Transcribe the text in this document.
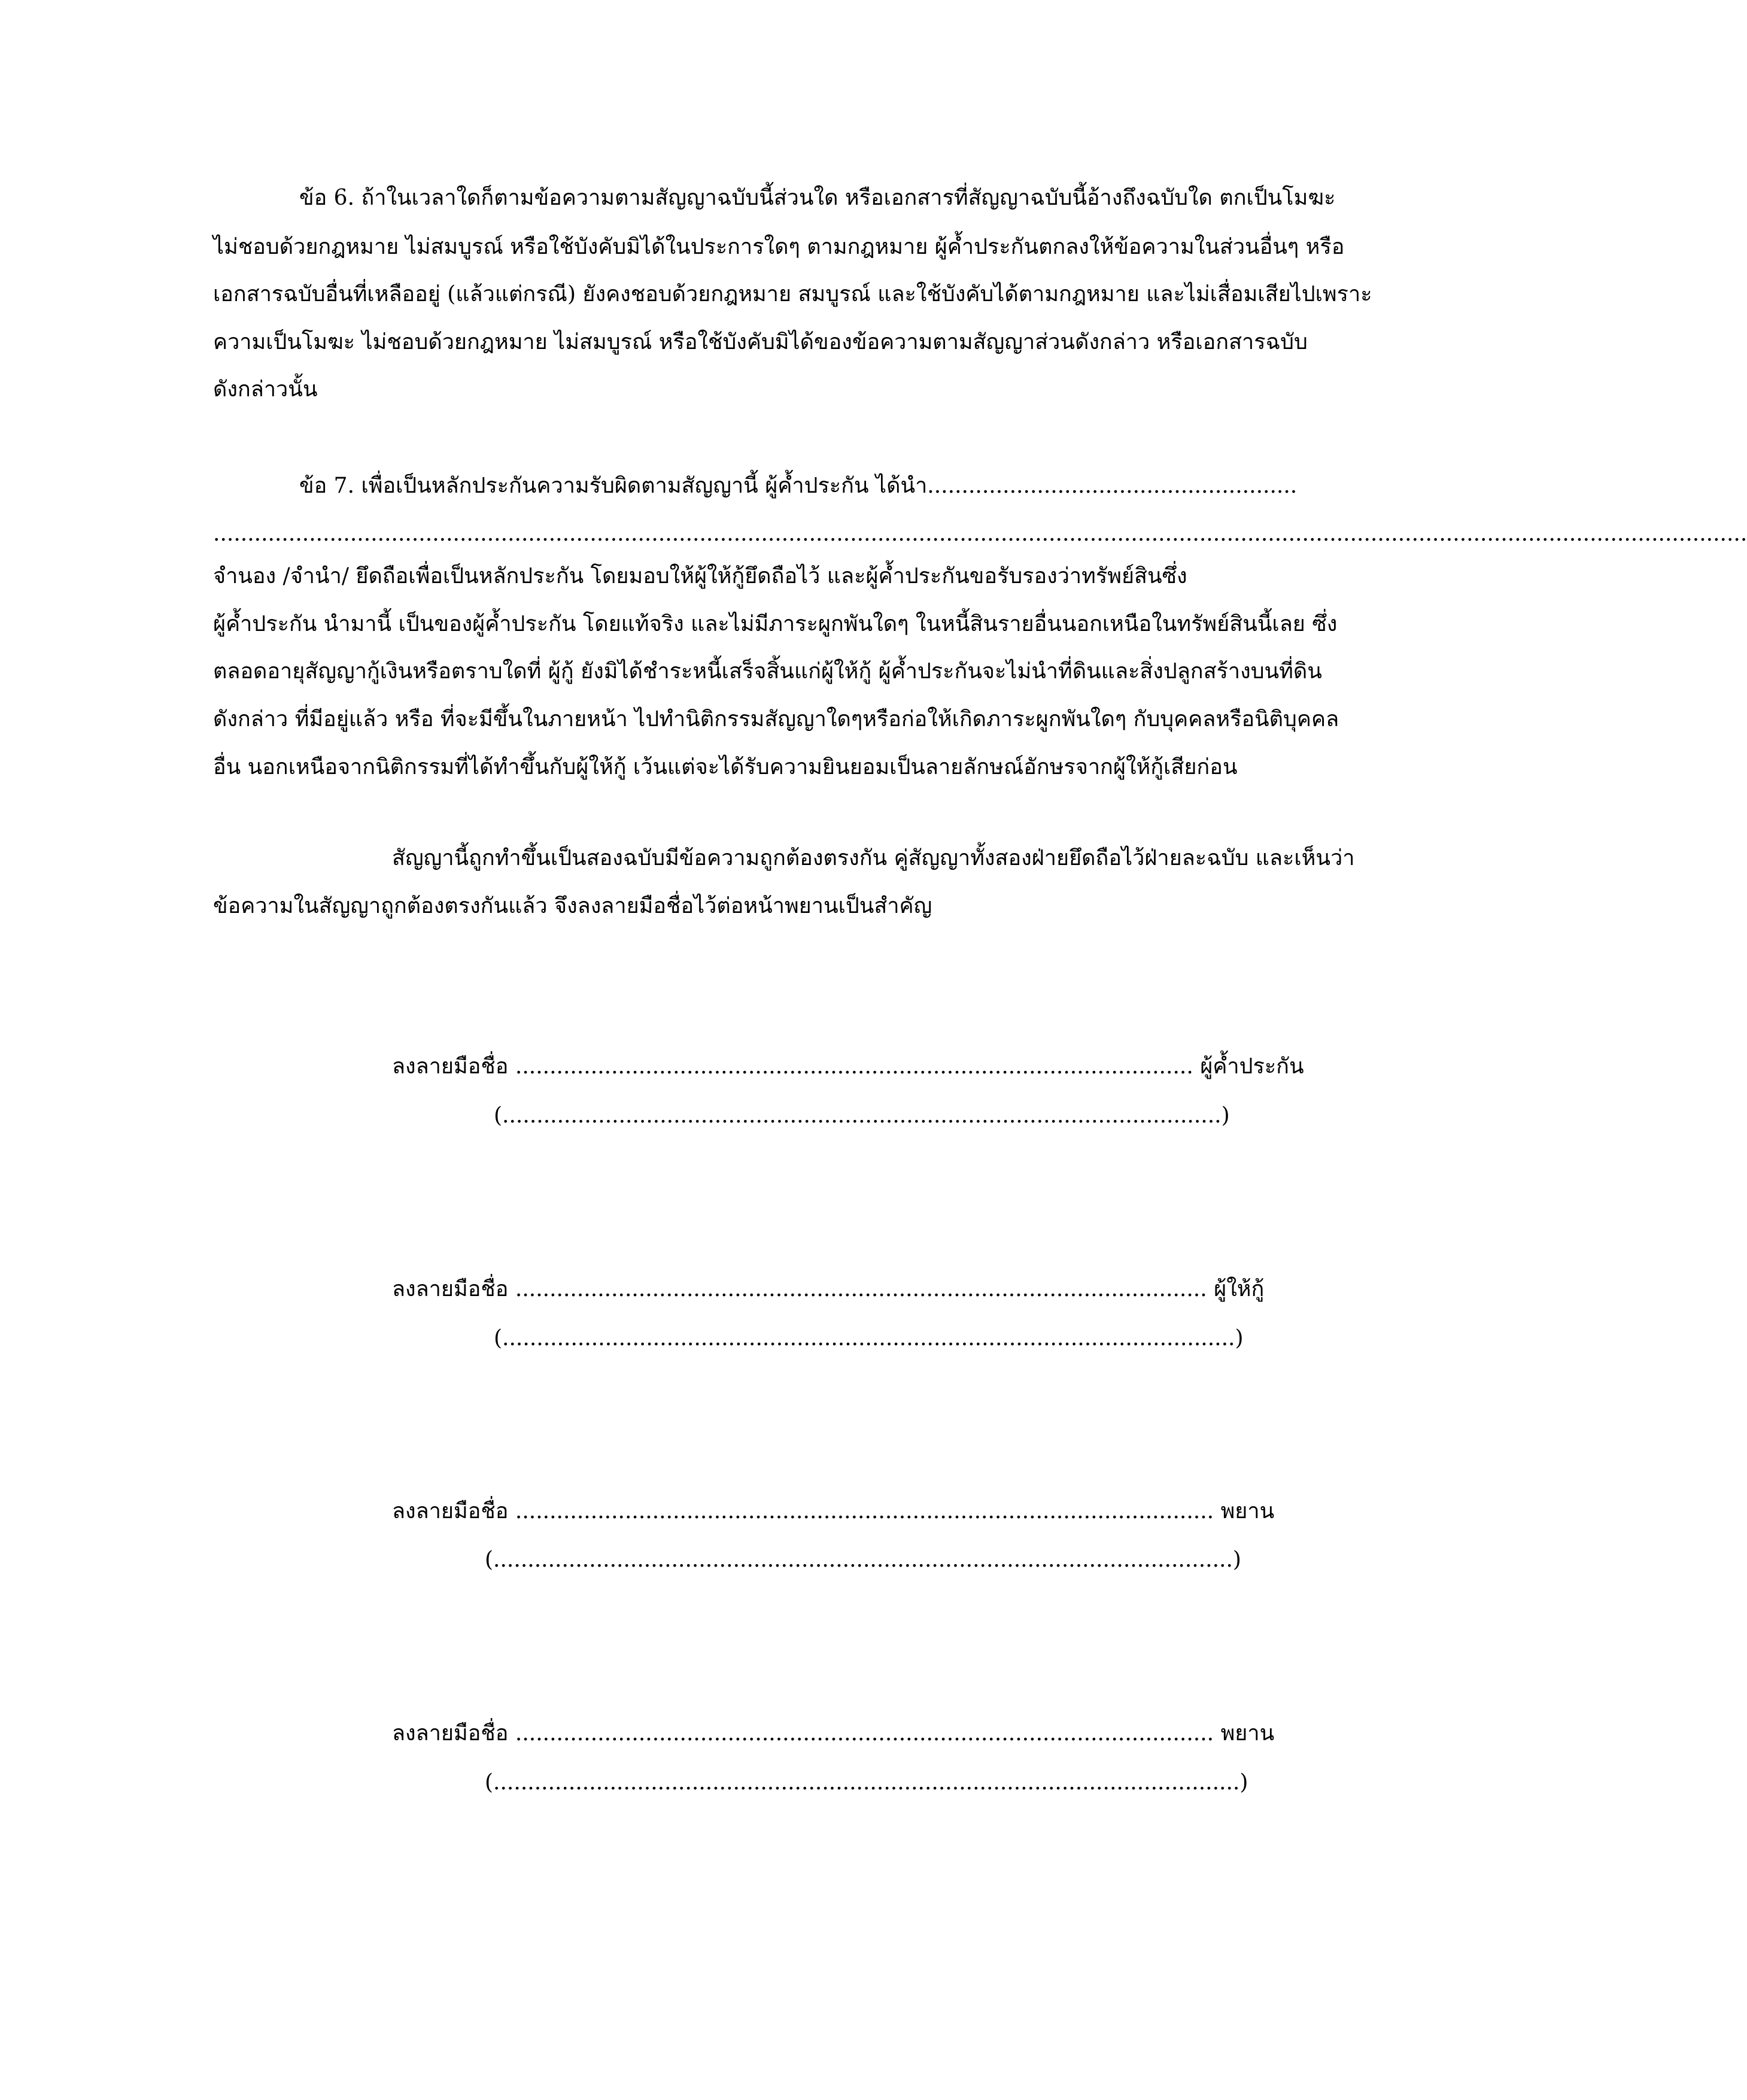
ข้อ 6. ถ้าในเวลาใดก็ตามข้อความตามสัญญาฉบับนี้ส่วนใด หรือเอกสารที่สัญญาฉบับนี้อ้างถึงฉบับใด ตกเป็นโมฆะ
ไม่ชอบด้วยกฎหมาย ไม่สมบูรณ์ หรือใช้บังคับมิได้ในประการใดๆ ตามกฎหมาย ผู้ค้ำประกันตกลงให้ข้อความในส่วนอื่นๆ หรือ
เอกสารฉบับอื่นที่เหลืออยู่ (แล้วแต่กรณี) ยังคงชอบด้วยกฎหมาย สมบูรณ์ และใช้บังคับได้ตามกฎหมาย และไม่เสื่อมเสียไปเพราะ
ความเป็นโมฆะ ไม่ชอบด้วยกฎหมาย ไม่สมบูรณ์ หรือใช้บังคับมิได้ของข้อความตามสัญญาส่วนดังกล่าว หรือเอกสารฉบับ
ดังกล่าวนั้น
ข้อ 7. เพื่อเป็นหลักประกันความรับผิดตามสัญญานี้ ผู้ค้ำประกัน ได้นำ......................................................
................................................................................................................................................................................................................................
จำนอง /จำนำ/ ยึดถือเพื่อเป็นหลักประกัน โดยมอบให้ผู้ให้กู้ยึดถือไว้ และผู้ค้ำประกันขอรับรองว่าทรัพย์สินซึ่ง
ผู้ค้ำประกัน นำมานี้ เป็นของผู้ค้ำประกัน โดยแท้จริง และไม่มีภาระผูกพันใดๆ ในหนี้สินรายอื่นนอกเหนือในทรัพย์สินนี้เลย ซึ่ง
ตลอดอายุสัญญากู้เงินหรือตราบใดที่ ผู้กู้ ยังมิได้ชำระหนี้เสร็จสิ้นแก่ผู้ให้กู้ ผู้ค้ำประกันจะไม่นำที่ดินและสิ่งปลูกสร้างบนที่ดิน
ดังกล่าว ที่มีอยู่แล้ว หรือ ที่จะมีขึ้นในภายหน้า ไปทำนิติกรรมสัญญาใดๆหรือก่อให้เกิดภาระผูกพันใดๆ กับบุคคลหรือนิติบุคคล
อื่น นอกเหนือจากนิติกรรมที่ได้ทำขึ้นกับผู้ให้กู้ เว้นแต่จะได้รับความยินยอมเป็นลายลักษณ์อักษรจากผู้ให้กู้เสียก่อน
สัญญานี้ถูกทำขึ้นเป็นสองฉบับมีข้อความถูกต้องตรงกัน คู่สัญญาทั้งสองฝ่ายยึดถือไว้ฝ่ายละฉบับ และเห็นว่า
ข้อความในสัญญาถูกต้องตรงกันแล้ว จึงลงลายมือชื่อไว้ต่อหน้าพยานเป็นสำคัญ
ลงลายมือชื่อ ................................................................................................... ผู้ค้ำประกัน
(.........................................................................................................)
ลงลายมือชื่อ ..................................................................................................... ผู้ให้กู้
(...........................................................................................................)
ลงลายมือชื่อ ...................................................................................................... พยาน
(............................................................................................................)
ลงลายมือชื่อ ...................................................................................................... พยาน
(.............................................................................................................)
